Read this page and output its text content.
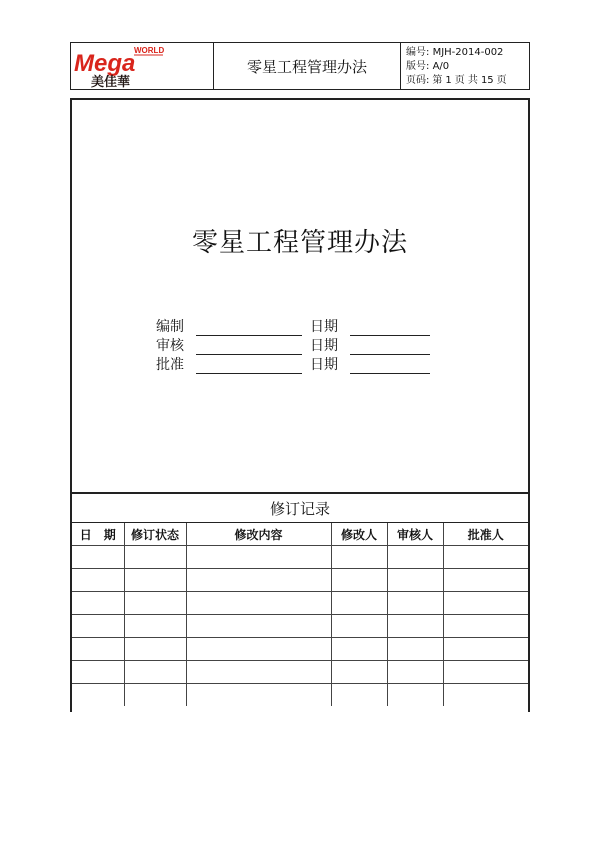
Mega
WORLD
美佳華
零星工程管理办法
编号: MJH-2014-002
版号: A/0
页码: 第 1 页 共 15 页
零星工程管理办法
编制	日期
审核	日期
批准	日期
修订记录
日　期	修订状态	修改内容	修改人	审核人	批准人
